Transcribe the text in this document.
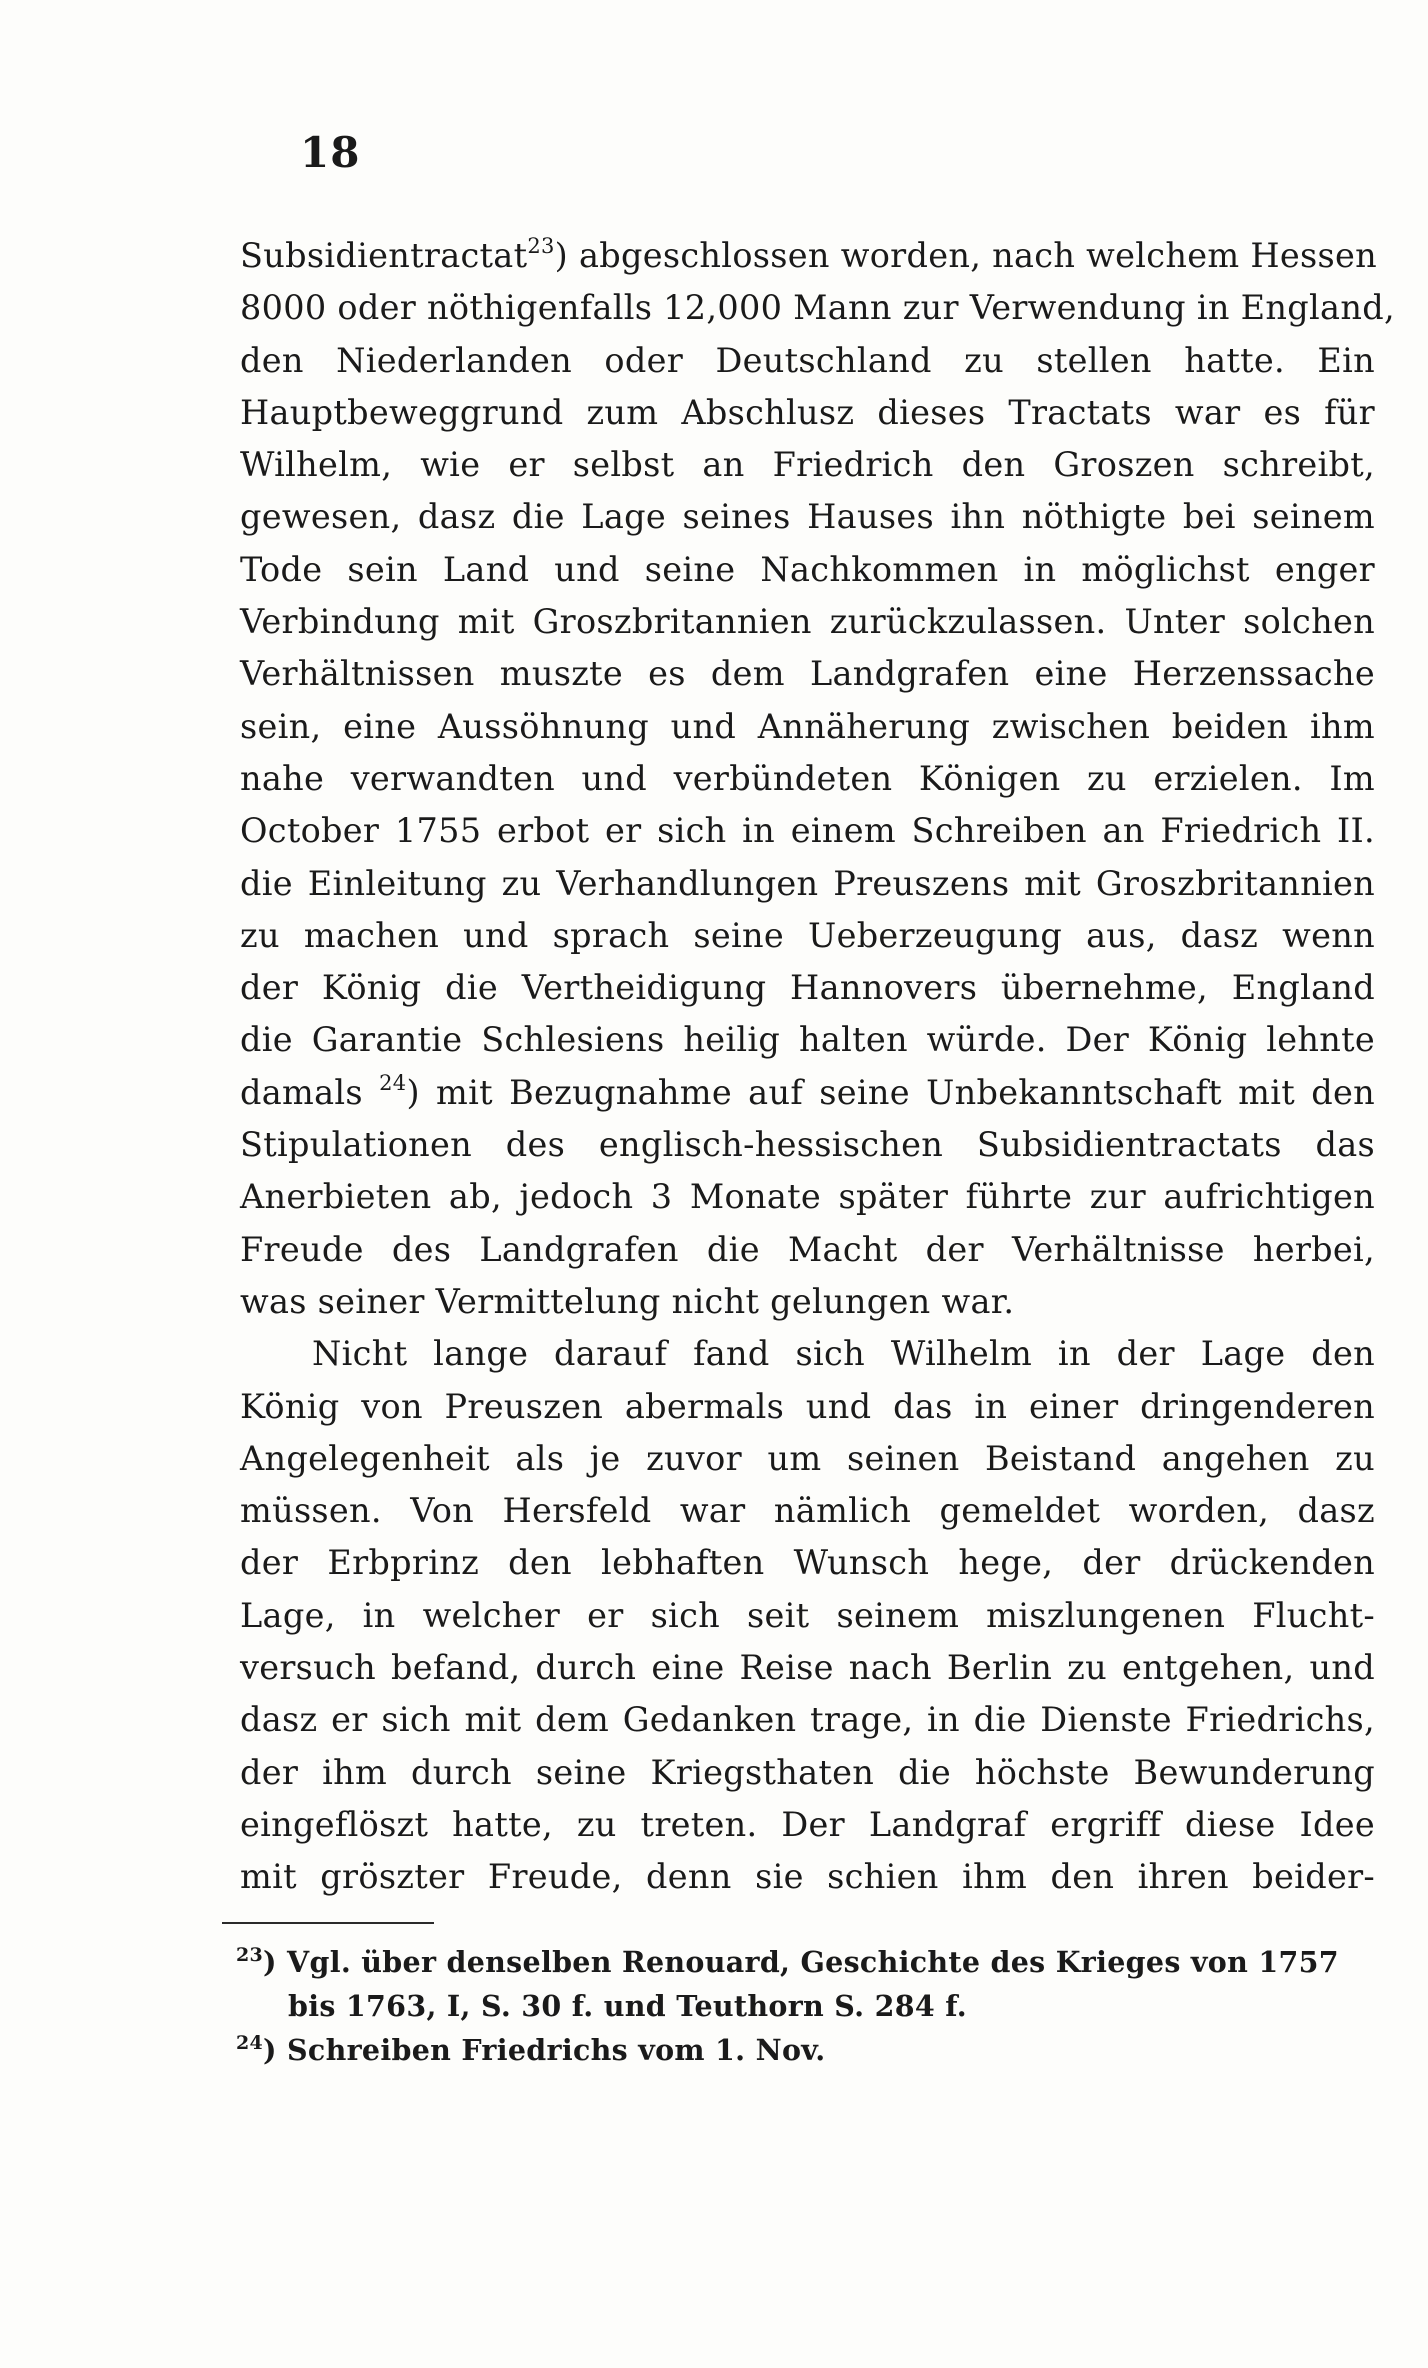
18
Subsidientractat$^{23}$) abgeschlossen worden, nach welchem Hessen
8000 oder nöthigenfalls 12,000 Mann zur Verwendung in England,
den Niederlanden oder Deutschland zu stellen hatte. Ein
Hauptbeweggrund zum Abschlusz dieses Tractats war es für
Wilhelm, wie er selbst an Friedrich den Groszen schreibt,
gewesen, dasz die Lage seines Hauses ihn nöthigte bei seinem
Tode sein Land und seine Nachkommen in möglichst enger
Verbindung mit Groszbritannien zurückzulassen. Unter solchen
Verhältnissen muszte es dem Landgrafen eine Herzenssache
sein, eine Aussöhnung und Annäherung zwischen beiden ihm
nahe verwandten und verbündeten Königen zu erzielen. Im
October 1755 erbot er sich in einem Schreiben an Friedrich II.
die Einleitung zu Verhandlungen Preuszens mit Groszbritannien
zu machen und sprach seine Ueberzeugung aus, dasz wenn
der König die Vertheidigung Hannovers übernehme, England
die Garantie Schlesiens heilig halten würde. Der König lehnte
damals $^{24}$) mit Bezugnahme auf seine Unbekanntschaft mit den
Stipulationen des englisch-hessischen Subsidientractats das
Anerbieten ab, jedoch 3 Monate später führte zur aufrichtigen
Freude des Landgrafen die Macht der Verhältnisse herbei,
was seiner Vermittelung nicht gelungen war.
Nicht lange darauf fand sich Wilhelm in der Lage den
König von Preuszen abermals und das in einer dringenderen
Angelegenheit als je zuvor um seinen Beistand angehen zu
müssen. Von Hersfeld war nämlich gemeldet worden, dasz
der Erbprinz den lebhaften Wunsch hege, der drückenden
Lage, in welcher er sich seit seinem miszlungenen Flucht-
versuch befand, durch eine Reise nach Berlin zu entgehen, und
dasz er sich mit dem Gedanken trage, in die Dienste Friedrichs,
der ihm durch seine Kriegsthaten die höchste Bewunderung
eingeflöszt hatte, zu treten. Der Landgraf ergriff diese Idee
mit gröszter Freude, denn sie schien ihm den ihren beider-
$^{23}$) Vgl. über denselben Renouard, Geschichte des Krieges von 1757
bis 1763, I, S. 30 f. und Teuthorn S. 284 f.
$^{24}$) Schreiben Friedrichs vom 1. Nov.
